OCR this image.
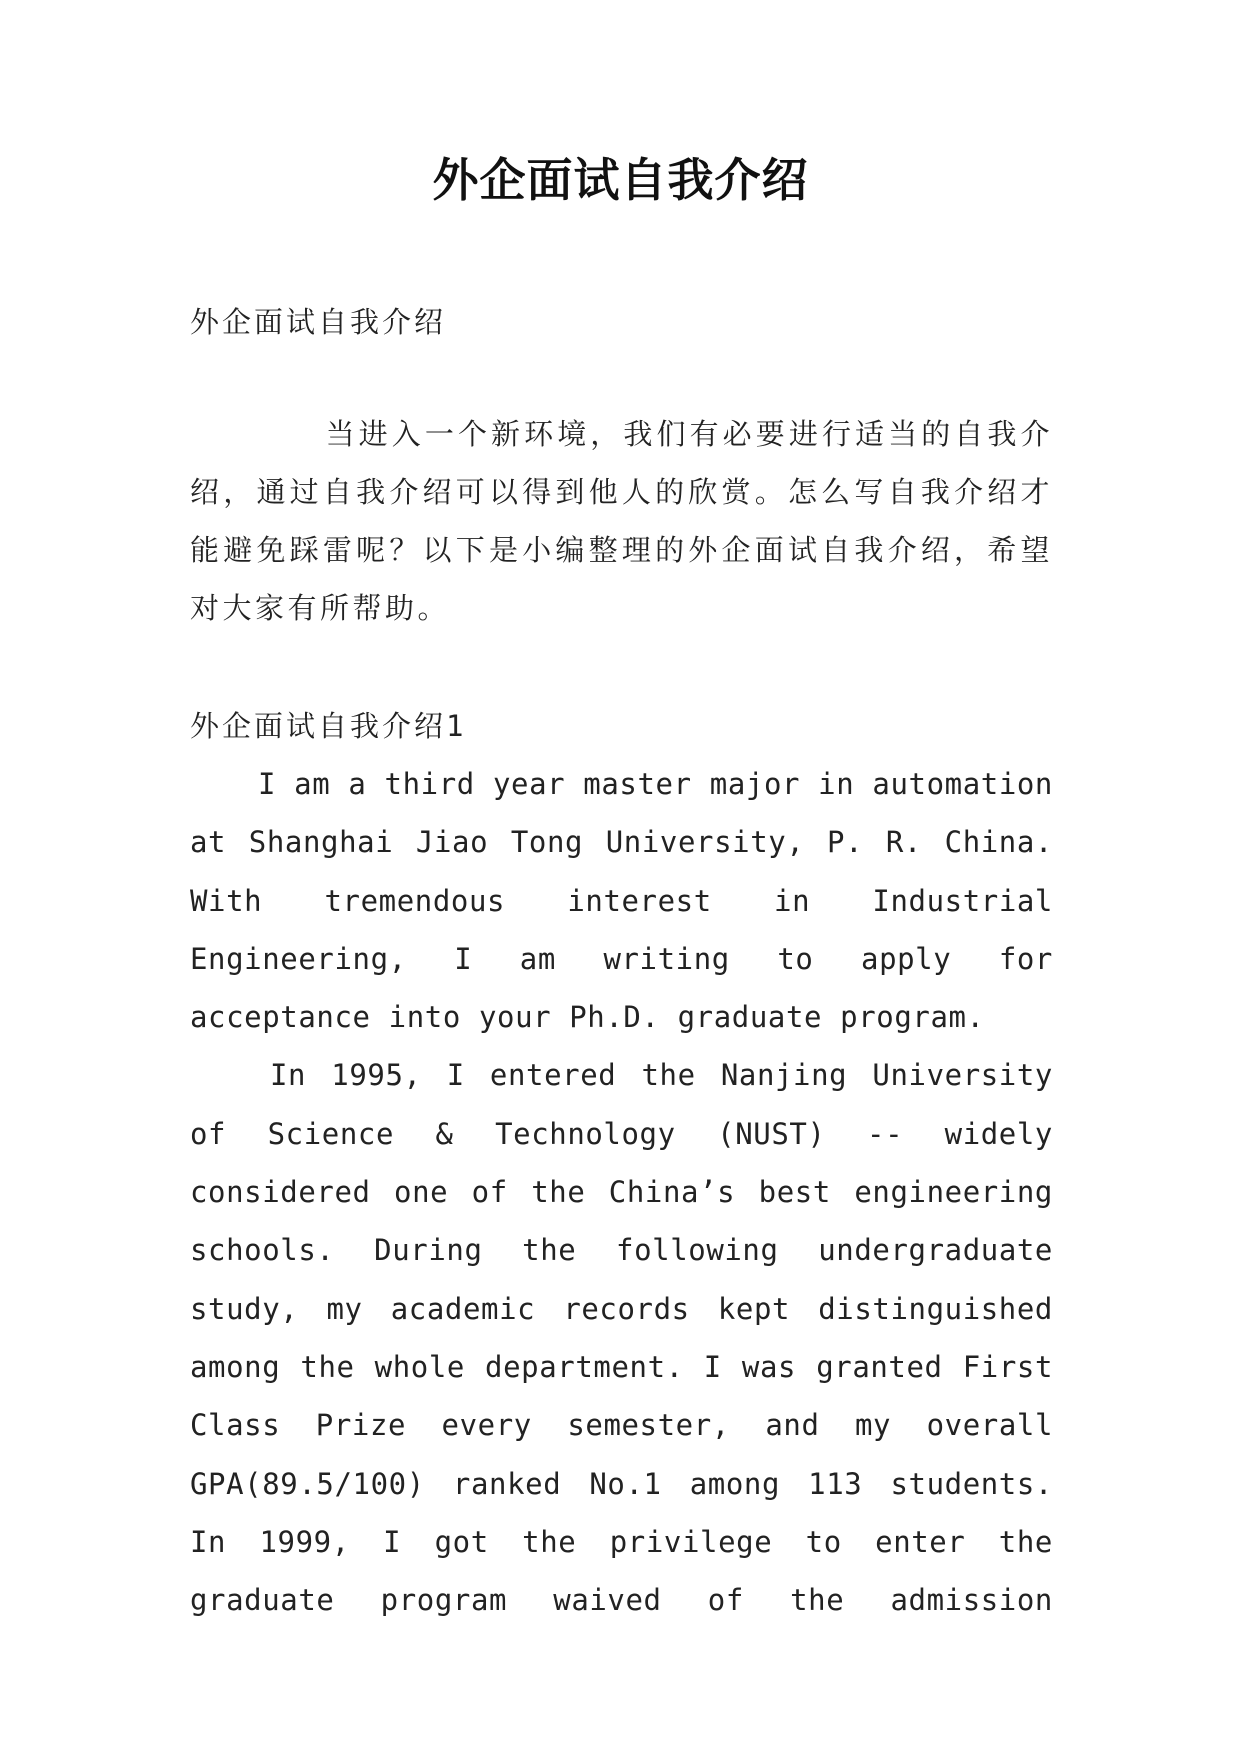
外企面试自我介绍
外企面试自我介绍
当进入一个新环境，我们有必要进行适当的自我介绍，通过自我介绍可以得到他人的欣赏。怎么写自我介绍才能避免踩雷呢？以下是小编整理的外企面试自我介绍，希望对大家有所帮助。
外企面试自我介绍1

I am a third year master major in automation at Shanghai Jiao Tong University, P. R. China. With tremendous interest in Industrial Engineering, I am writing to apply for acceptance into your Ph.D. graduate program.

In 1995, I entered the Nanjing University of Science & Technology (NUST) -- widely considered one of the China’s best engineering schools. During the following undergraduate study, my academic records kept distinguished among the whole department. I was granted First Class Prize every semester, and my overall GPA(89.5/100) ranked No.1 among 113 students. In 1999, I got the privilege to enter the graduate program waived of the admission
